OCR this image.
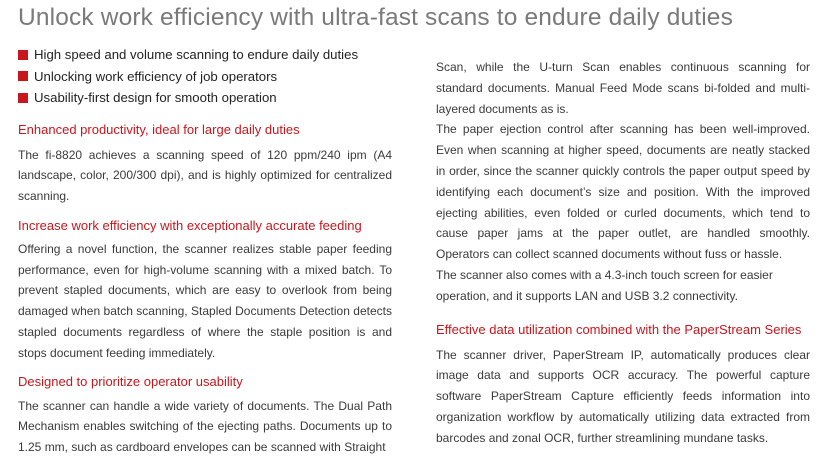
Unlock work efficiency with ultra-fast scans to endure daily duties
High speed and volume scanning to endure daily duties
Unlocking work efficiency of job operators
Usability-first design for smooth operation
Enhanced productivity, ideal for large daily duties

The fi-8820 achieves a scanning speed of 120 ppm/240 ipm (A4 landscape, color, 200/300 dpi), and is highly optimized for centralized scanning.

Increase work efficiency with exceptionally accurate feeding

Offering a novel function, the scanner realizes stable paper feeding performance, even for high-volume scanning with a mixed batch. To prevent stapled documents, which are easy to overlook from being damaged when batch scanning, Stapled Documents Detection detects stapled documents regardless of where the staple position is and stops document feeding immediately.

Designed to prioritize operator usability

The scanner can handle a wide variety of documents. The Dual Path Mechanism enables switching of the ejecting paths. Documents up to 1.25 mm, such as cardboard envelopes can be scanned with Straight

Scan, while the U-turn Scan enables continuous scanning for standard documents. Manual Feed Mode scans bi-folded and multi-layered documents as is.

The paper ejection control after scanning has been well-improved. Even when scanning at higher speed, documents are neatly stacked in order, since the scanner quickly controls the paper output speed by identifying each document’s size and position. With the improved ejecting abilities, even folded or curled documents, which tend to cause paper jams at the paper outlet, are handled smoothly. Operators can collect scanned documents without fuss or hassle.

The scanner also comes with a 4.3-inch touch screen for easier operation, and it supports LAN and USB 3.2 connectivity.

Effective data utilization combined with the PaperStream Series

The scanner driver, PaperStream IP, automatically produces clear image data and supports OCR accuracy. The powerful capture software PaperStream Capture efficiently feeds information into organization workflow by automatically utilizing data extracted from barcodes and zonal OCR, further streamlining mundane tasks.
